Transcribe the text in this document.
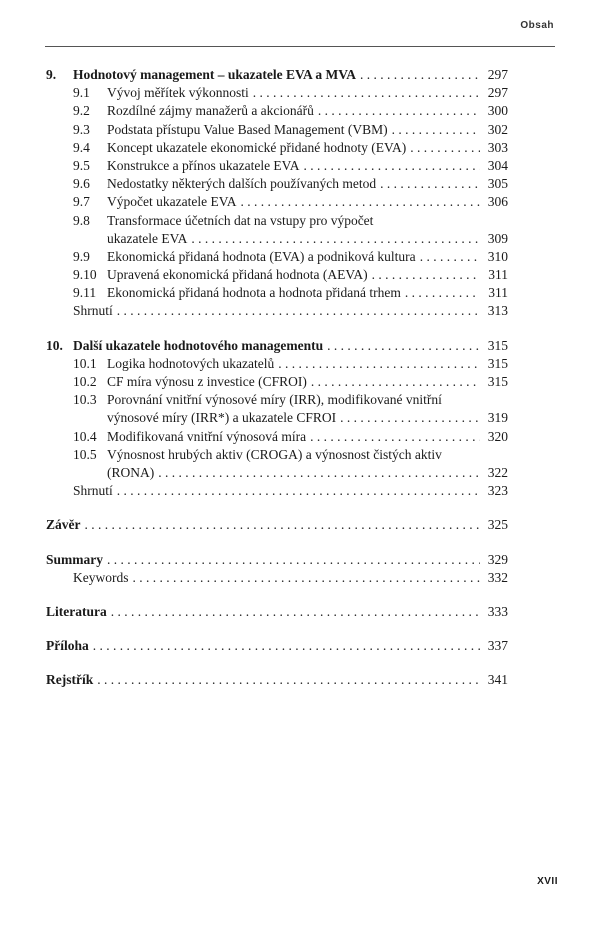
Obsah
9.	Hodnotový management – ukazatele EVA a MVA . . .	297
9.1	Vývoj měřítek výkonnosti . . .	297
9.2	Rozdílné zájmy manažerů a akcionářů . . .	300
9.3	Podstata přístupu Value Based Management (VBM) . . .	302
9.4	Koncept ukazatele ekonomické přidané hodnoty (EVA) . . .	303
9.5	Konstrukce a přínos ukazatele EVA . . .	304
9.6	Nedostatky některých dalších používaných metod . . .	305
9.7	Výpočet ukazatele EVA . . .	306
9.8	Transformace účetních dat na vstupy pro výpočet
ukazatele EVA . . .	309
9.9	Ekonomická přidaná hodnota (EVA) a podniková kultura . . .	310
9.10 Upravená ekonomická přidaná hodnota (AEVA) . . .	311
9.11 Ekonomická přidaná hodnota a hodnota přidaná trhem . . .	311
Shrnutí . . .	313
10. Další ukazatele hodnotového managementu . . .	315
10.1 Logika hodnotových ukazatelů . . .	315
10.2 CF míra výnosu z investice (CFROI) . . .	315
10.3 Porovnání vnitřní výnosové míry (IRR), modifikované vnitřní
výnosové míry (IRR*) a ukazatele CFROI . . .	319
10.4 Modifikovaná vnitřní výnosová míra . . .	320
10.5 Výnosnost hrubých aktiv (CROGA) a výnosnost čistých aktiv
(RONA) . . .	322
Shrnutí . . .	323
Závěr . . .	325
Summary . . .	329
Keywords . . .	332
Literatura . . .	333
Příloha . . .	337
Rejstřík . . .	341
XVII
